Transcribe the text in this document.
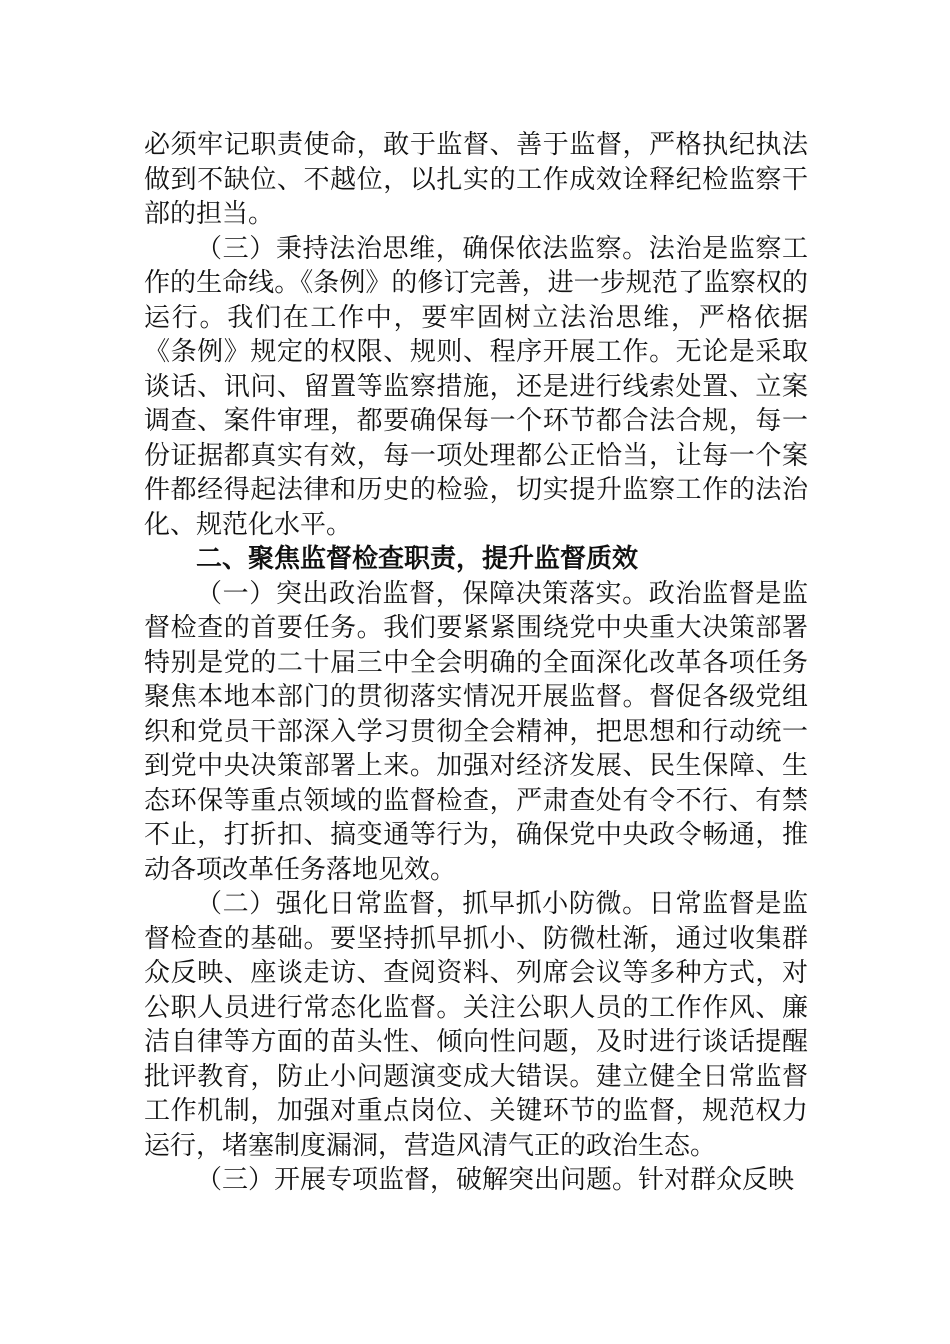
必须牢记职责使命，敢于监督、善于监督，严格执纪执法做到不缺位、不越位，以扎实的工作成效诠释纪检监察干部的担当。

（三）秉持法治思维，确保依法监察。法治是监察工作的生命线。《条例》的修订完善，进一步规范了监察权的运行。我们在工作中，要牢固树立法治思维，严格依据《条例》规定的权限、规则、程序开展工作。无论是采取谈话、讯问、留置等监察措施，还是进行线索处置、立案调查、案件审理，都要确保每一个环节都合法合规，每一份证据都真实有效，每一项处理都公正恰当，让每一个案件都经得起法律和历史的检验，切实提升监察工作的法治化、规范化水平。

二、聚焦监督检查职责，提升监督质效

（一）突出政治监督，保障决策落实。政治监督是监督检查的首要任务。我们要紧紧围绕党中央重大决策部署特别是党的二十届三中全会明确的全面深化改革各项任务聚焦本地本部门的贯彻落实情况开展监督。督促各级党组织和党员干部深入学习贯彻全会精神，把思想和行动统一到党中央决策部署上来。加强对经济发展、民生保障、生态环保等重点领域的监督检查，严肃查处有令不行、有禁不止，打折扣、搞变通等行为，确保党中央政令畅通，推动各项改革任务落地见效。

（二）强化日常监督，抓早抓小防微。日常监督是监督检查的基础。要坚持抓早抓小、防微杜渐，通过收集群众反映、座谈走访、查阅资料、列席会议等多种方式，对公职人员进行常态化监督。关注公职人员的工作作风、廉洁自律等方面的苗头性、倾向性问题，及时进行谈话提醒批评教育，防止小问题演变成大错误。建立健全日常监督工作机制，加强对重点岗位、关键环节的监督，规范权力运行，堵塞制度漏洞，营造风清气正的政治生态。

（三）开展专项监督，破解突出问题。针对群众反映
